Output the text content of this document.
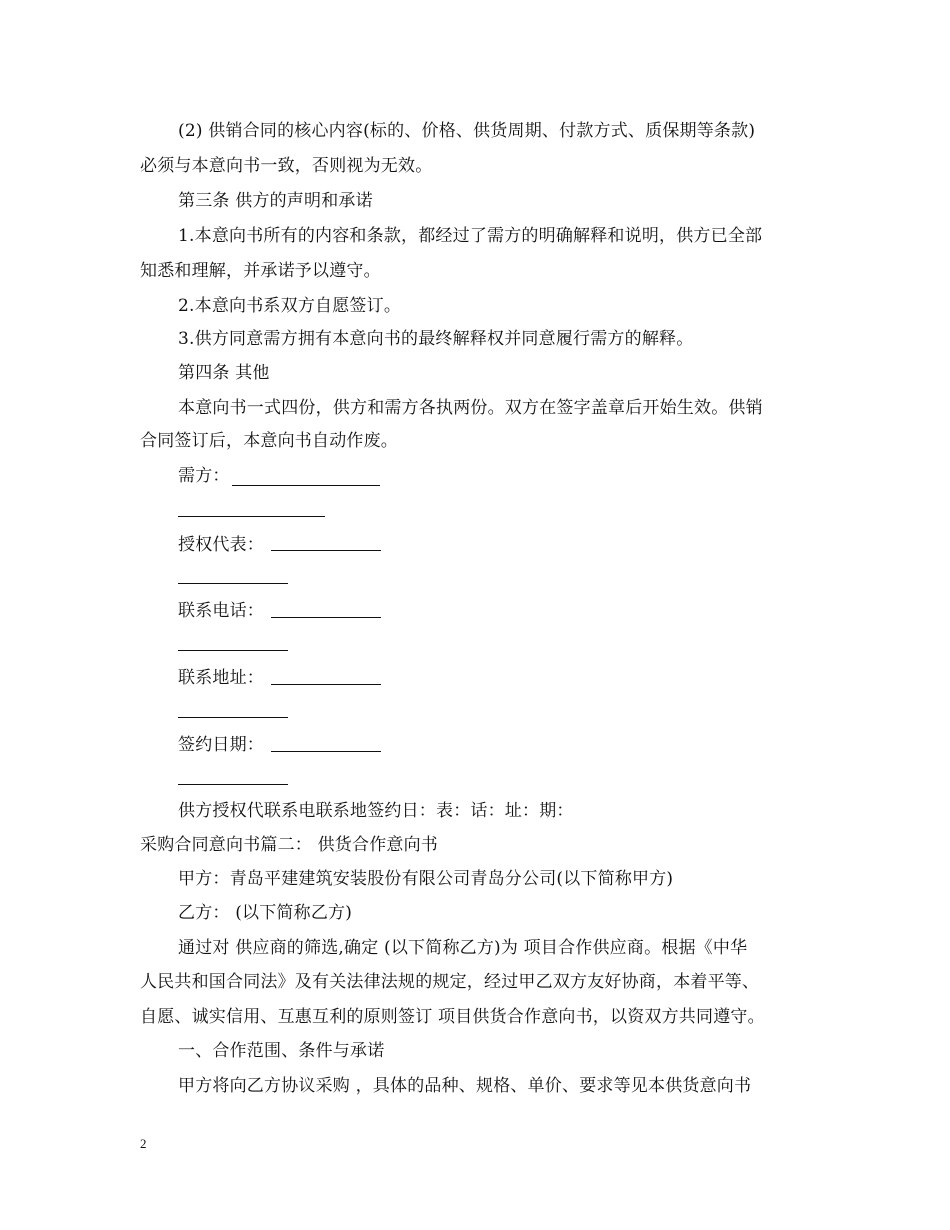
(2) 供销合同的核心内容(标的、价格、供货周期、付款方式、质保期等条款)
必须与本意向书一致，否则视为无效。
第三条 供方的声明和承诺
1.本意向书所有的内容和条款，都经过了需方的明确解释和说明，供方已全部
知悉和理解，并承诺予以遵守。
2.本意向书系双方自愿签订。
3.供方同意需方拥有本意向书的最终解释权并同意履行需方的解释。
第四条 其他
本意向书一式四份，供方和需方各执两份。双方在签字盖章后开始生效。供销
合同签订后，本意向书自动作废。
需方：
授权代表：
联系电话：
联系地址：
签约日期：
供方授权代联系电联系地签约日：表：话：址：期：
采购合同意向书篇二： 供货合作意向书
甲方：青岛平建建筑安装股份有限公司青岛分公司(以下简称甲方)
乙方： (以下简称乙方)
通过对 供应商的筛选,确定 (以下简称乙方)为 项目合作供应商。根据《中华
人民共和国合同法》及有关法律法规的规定，经过甲乙双方友好协商，本着平等、
自愿、诚实信用、互惠互利的原则签订 项目供货合作意向书，以资双方共同遵守。
一、合作范围、条件与承诺
甲方将向乙方协议采购 ，具体的品种、规格、单价、要求等见本供货意向书
2
